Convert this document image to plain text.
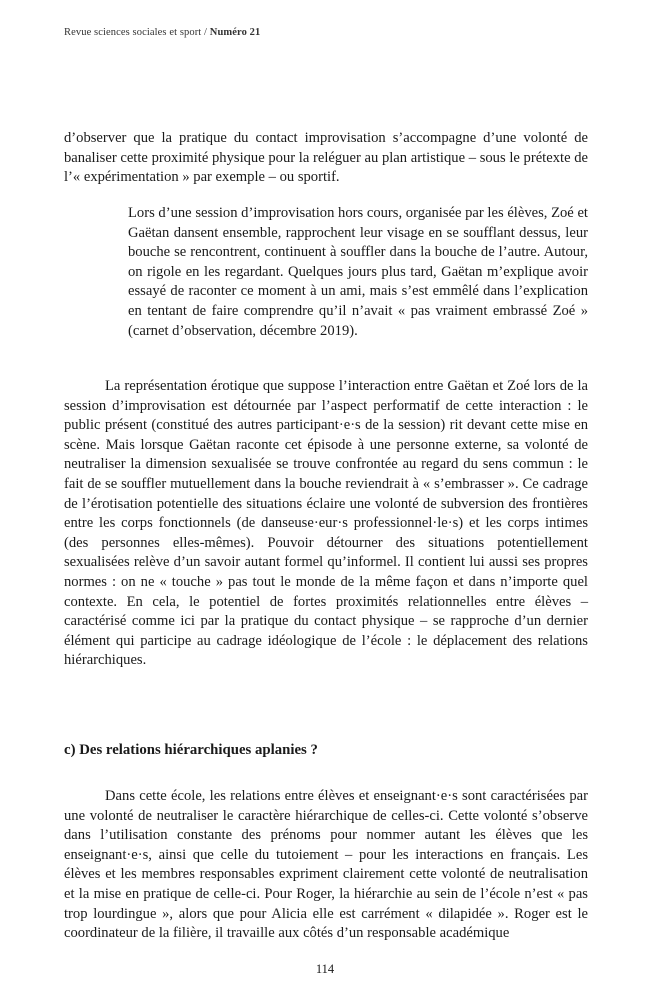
Revue sciences sociales et sport / Numéro 21

d’observer que la pratique du contact improvisation s’accompagne d’une volonté de banaliser cette proximité physique pour la reléguer au plan artistique – sous le prétexte de l’« expérimentation » par exemple – ou sportif.

Lors d’une session d’improvisation hors cours, organisée par les élèves, Zoé et Gaëtan dansent ensemble, rapprochent leur visage en se soufflant dessus, leur bouche se rencontrent, continuent à souffler dans la bouche de l’autre. Autour, on rigole en les regardant. Quelques jours plus tard, Gaëtan m’explique avoir essayé de raconter ce moment à un ami, mais s’est emmêlé dans l’explication en tentant de faire comprendre qu’il n’avait « pas vraiment embrassé Zoé » (carnet d’observation, décembre 2019).

La représentation érotique que suppose l’interaction entre Gaëtan et Zoé lors de la session d’improvisation est détournée par l’aspect performatif de cette interaction : le public présent (constitué des autres participant·e·s de la session) rit devant cette mise en scène. Mais lorsque Gaëtan raconte cet épisode à une personne externe, sa volonté de neutraliser la dimension sexualisée se trouve confrontée au regard du sens commun : le fait de se souffler mutuellement dans la bouche reviendrait à « s’embrasser ». Ce cadrage de l’érotisation potentielle des situations éclaire une volonté de subversion des frontières entre les corps fonctionnels (de danseuse·eur·s professionnel·le·s) et les corps intimes (des personnes elles-mêmes). Pouvoir détourner des situations potentiellement sexualisées relève d’un savoir autant formel qu’informel. Il contient lui aussi ses propres normes : on ne « touche » pas tout le monde de la même façon et dans n’importe quel contexte. En cela, le potentiel de fortes proximités relationnelles entre élèves – caractérisé comme ici par la pratique du contact physique – se rapproche d’un dernier élément qui participe au cadrage idéologique de l’école : le déplacement des relations hiérarchiques.

c) Des relations hiérarchiques aplanies ?

Dans cette école, les relations entre élèves et enseignant·e·s sont caractérisées par une volonté de neutraliser le caractère hiérarchique de celles-ci. Cette volonté s’observe dans l’utilisation constante des prénoms pour nommer autant les élèves que les enseignant·e·s, ainsi que celle du tutoiement – pour les interactions en français. Les élèves et les membres responsables expriment clairement cette volonté de neutralisation et la mise en pratique de celle-ci. Pour Roger, la hiérarchie au sein de l’école n’est « pas trop lourdingue », alors que pour Alicia elle est carrément « dilapidée ». Roger est le coordinateur de la filière, il travaille aux côtés d’un responsable académique

114
